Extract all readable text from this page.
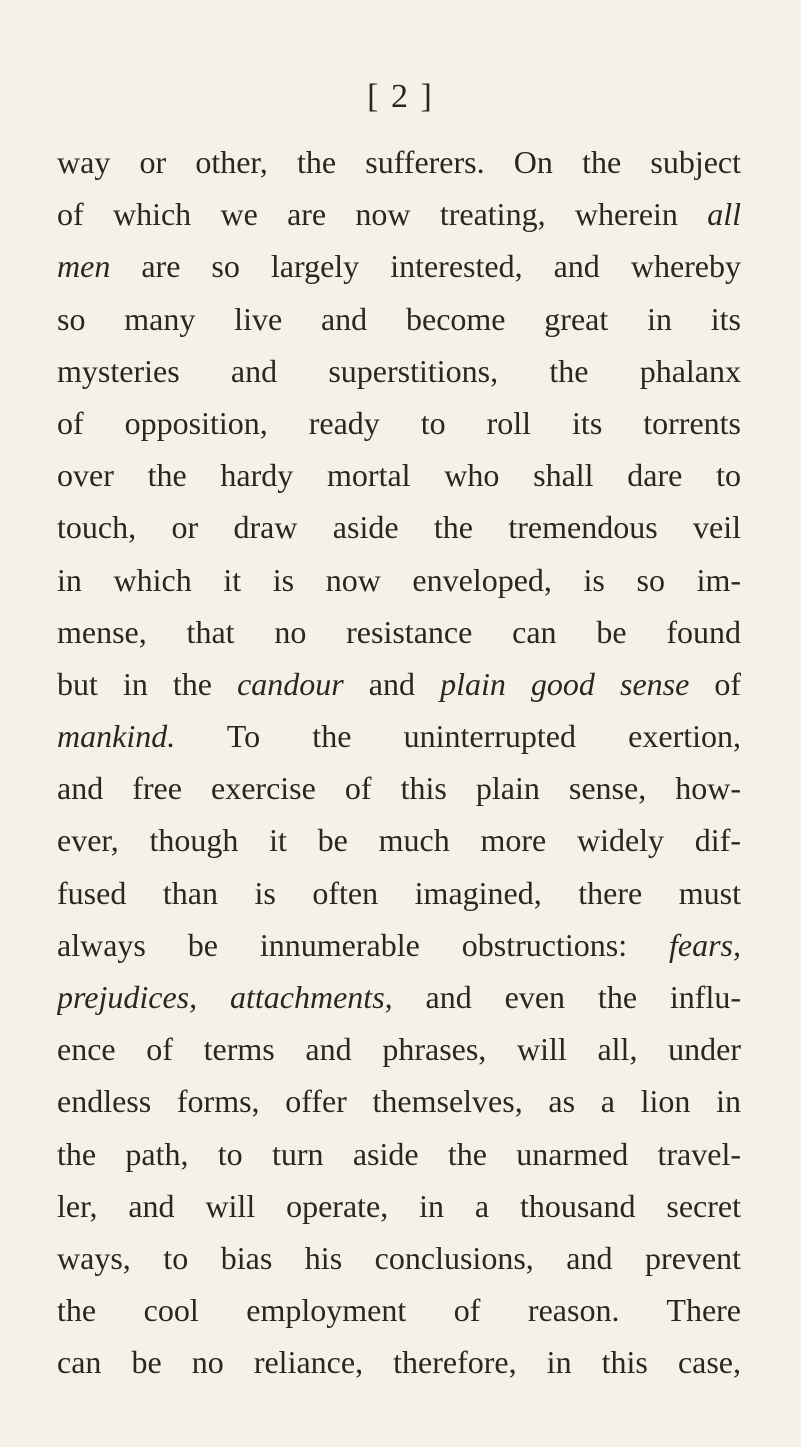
[ 2 ]
way or other, the sufferers. On the subject
of which we are now treating, wherein all
men are so largely interested, and whereby
so many live and become great in its
mysteries and superstitions, the phalanx
of opposition, ready to roll its torrents
over the hardy mortal who shall dare to
touch, or draw aside the tremendous veil
in which it is now enveloped, is so im-
mense, that no resistance can be found
but in the candour and plain good sense of
mankind. To the uninterrupted exertion,
and free exercise of this plain sense, how-
ever, though it be much more widely dif-
fused than is often imagined, there must
always be innumerable obstructions: fears,
prejudices, attachments, and even the influ-
ence of terms and phrases, will all, under
endless forms, offer themselves, as a lion in
the path, to turn aside the unarmed travel-
ler, and will operate, in a thousand secret
ways, to bias his conclusions, and prevent
the cool employment of reason. There
can be no reliance, therefore, in this case,
